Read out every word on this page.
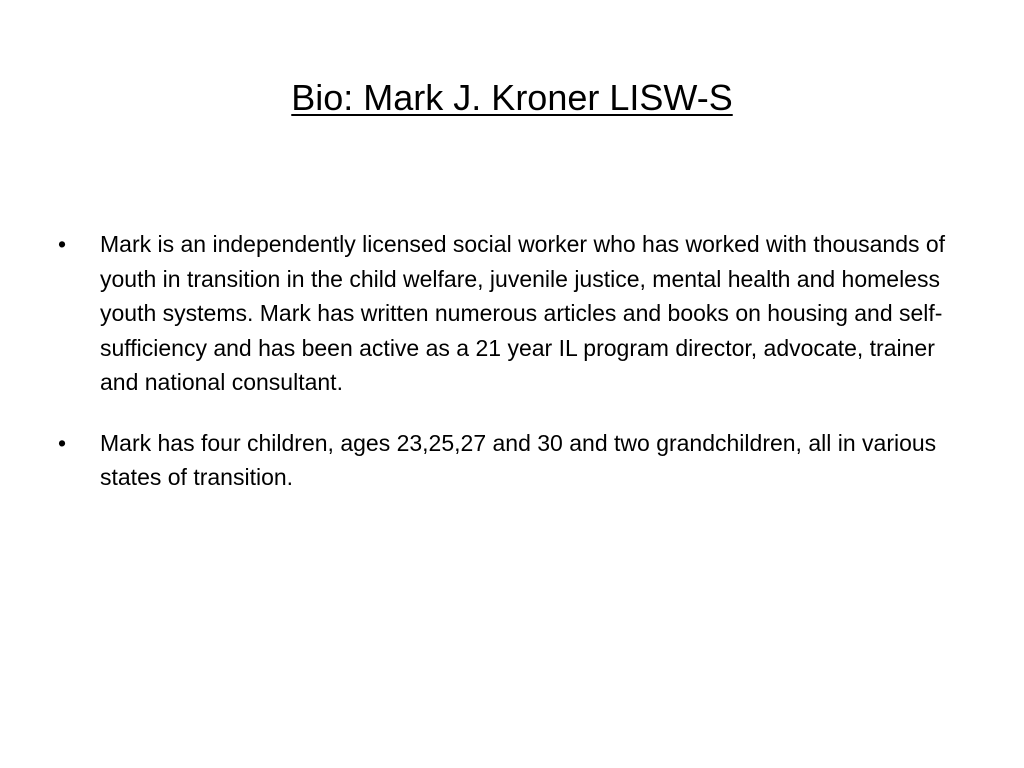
Bio: Mark J. Kroner LISW-S
•	Mark is an independently licensed social worker who has worked with thousands of youth in transition in the child welfare, juvenile justice, mental health and homeless youth systems. Mark has written numerous articles and books on housing and self-sufficiency and has been active as a 21 year IL program director, advocate, trainer and national consultant.
•	Mark has four children, ages 23,25,27 and 30 and two grandchildren, all in various states of transition.
